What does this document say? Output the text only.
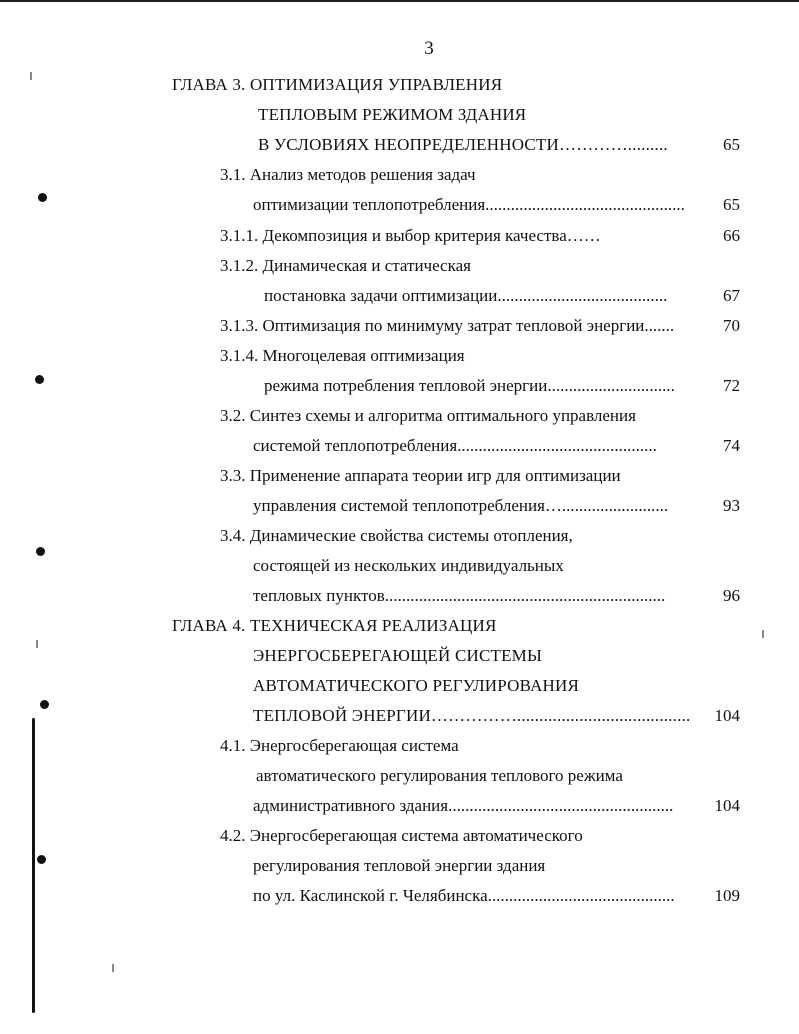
3
ГЛАВА 3. ОПТИМИЗАЦИЯ УПРАВЛЕНИЯ
ТЕПЛОВЫМ РЕЖИМОМ ЗДАНИЯ
В УСЛОВИЯХ НЕОПРЕДЕЛЕННОСТИ………….........	65
3.1. Анализ методов решения задач
оптимизации теплопотребления...............................................	65
3.1.1. Декомпозиция и выбор критерия качества……	66
3.1.2. Динамическая и статическая
постановка задачи оптимизации........................................	67
3.1.3. Оптимизация по минимуму затрат тепловой энергии.......	70
3.1.4. Многоцелевая оптимизация
режима потребления тепловой энергии..............................	72
3.2. Синтез схемы и алгоритма оптимального управления
системой теплопотребления...............................................	74
3.3. Применение аппарата теории игр для оптимизации
управления системой теплопотребления….........................	93
3.4. Динамические свойства системы отопления,
состоящей из нескольких индивидуальных
тепловых пунктов..................................................................	96
ГЛАВА 4. ТЕХНИЧЕСКАЯ РЕАЛИЗАЦИЯ
ЭНЕРГОСБЕРЕГАЮЩЕЙ СИСТЕМЫ
АВТОМАТИЧЕСКОГО РЕГУЛИРОВАНИЯ
ТЕПЛОВОЙ ЭНЕРГИИ…………….......................................	104
4.1. Энергосберегающая система
автоматического регулирования теплового режима
административного здания.....................................................	104
4.2. Энергосберегающая система автоматического
регулирования тепловой энергии здания
по ул. Каслинской г. Челябинска............................................	109
